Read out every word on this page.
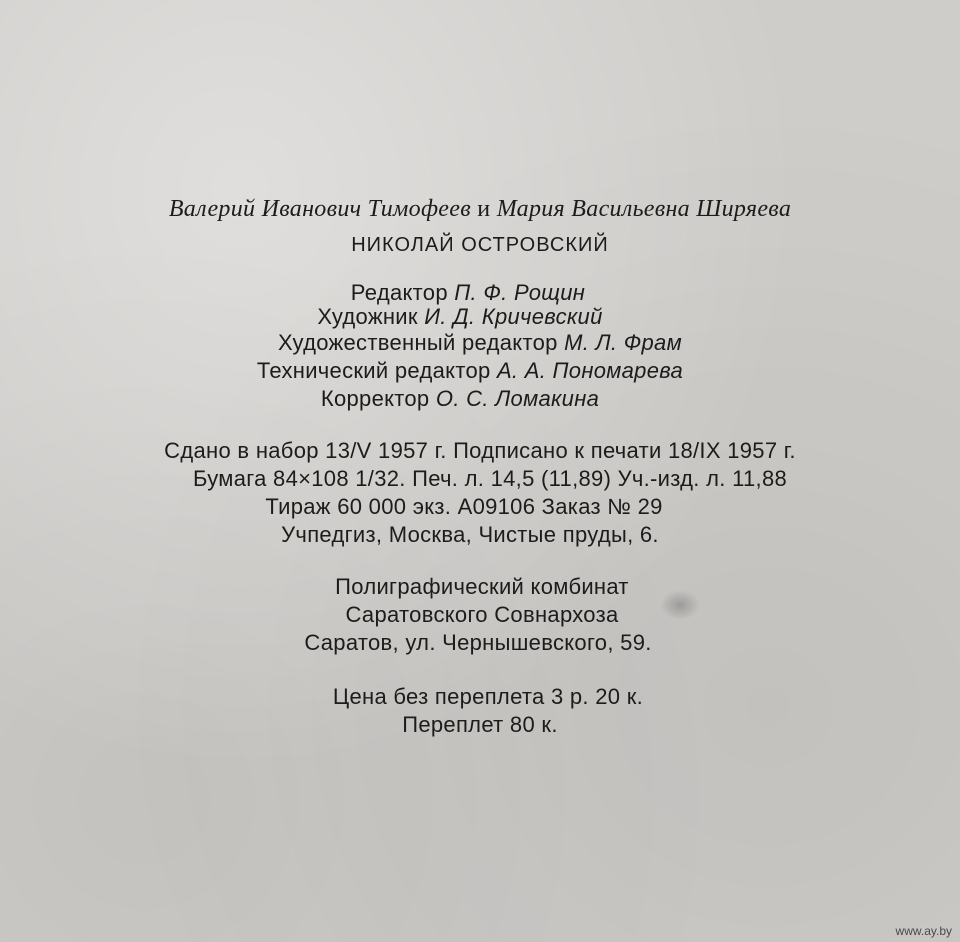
Валерий Иванович Тимофеев и Мария Васильевна Ширяева
НИКОЛАЙ ОСТРОВСКИЙ
Редактор П. Ф. Рощин
Художник И. Д. Кричевский
Художественный редактор М. Л. Фрам
Технический редактор А. А. Пономарева
Корректор О. С. Ломакина
Сдано в набор 13/V 1957 г. Подписано к печати 18/IX 1957 г.
Бумага 84×108 1/32. Печ. л. 14,5 (11,89) Уч.-изд. л. 11,88
Тираж 60 000 экз. А09106 Заказ № 29
Учпедгиз, Москва, Чистые пруды, 6.
Полиграфический комбинат
Саратовского Совнархоза
Саратов, ул. Чернышевского, 59.
Цена без переплета 3 р. 20 к.
Переплет 80 к.
www.ay.by
